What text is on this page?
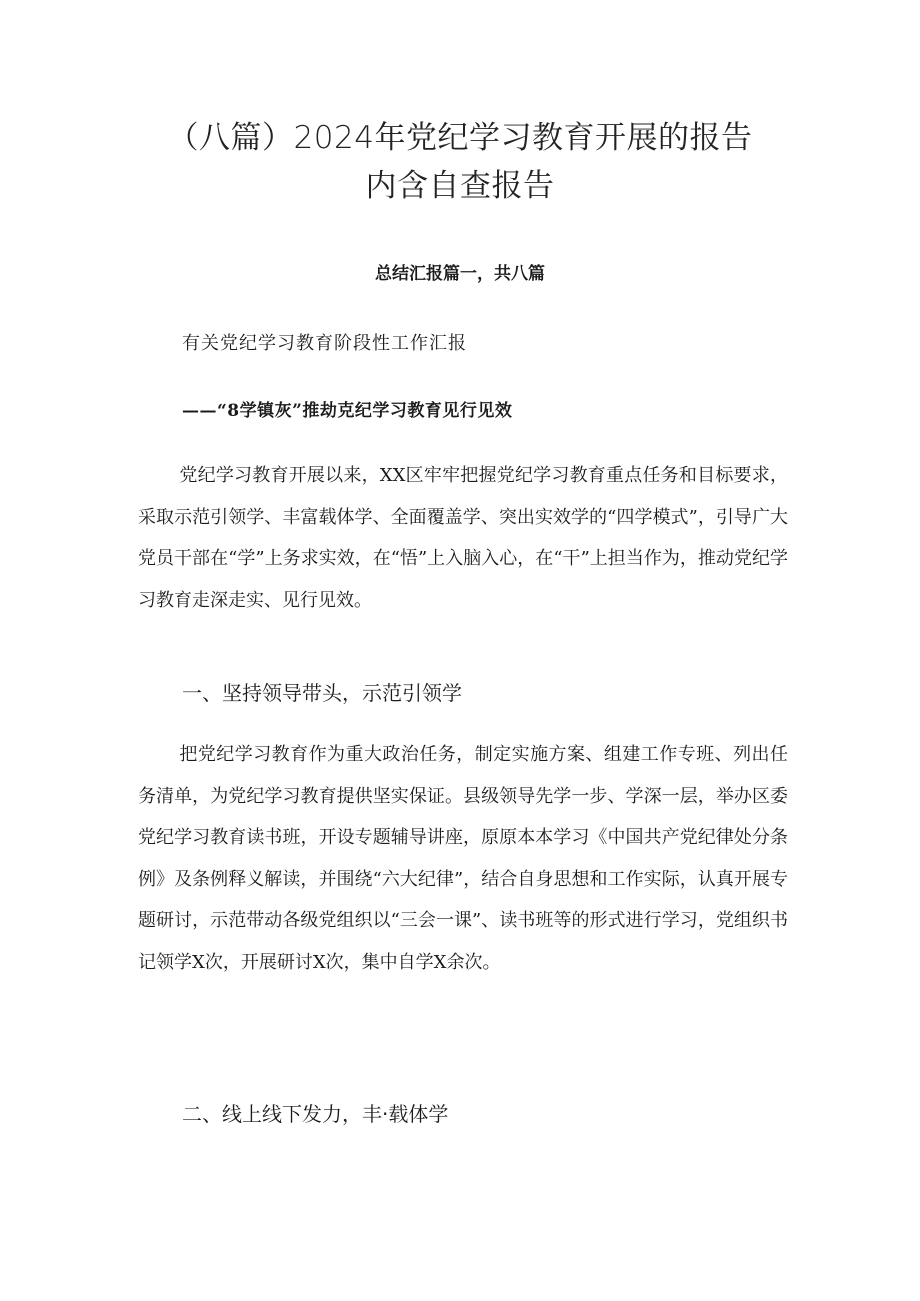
（八篇）2024年党纪学习教育开展的报告
内含自查报告

总结汇报篇一，共八篇

有关党纪学习教育阶段性工作汇报

——“8学镇灰”推劫克纪学习教育见行见效

党纪学习教育开展以来，XX区牢牢把握党纪学习教育重点任务和目标要求，采取示范引领学、丰富载体学、全面覆盖学、突出实效学的“四学模式”，引导广大党员干部在“学”上务求实效，在“悟”上入脑入心，在“干”上担当作为，推动党纪学习教育走深走实、见行见效。

一、坚持领导带头，示范引领学

把党纪学习教育作为重大政治任务，制定实施方案、组建工作专班、列出任务清单，为党纪学习教育提供坚实保证。县级领导先学一步、学深一层，举办区委党纪学习教育读书班，开设专题辅导讲座，原原本本学习《中国共产党纪律处分条例》及条例释义解读，并围绕“六大纪律”，结合自身思想和工作实际，认真开展专题研讨，示范带动各级党组织以“三会一课”、读书班等的形式进行学习，党组织书记领学X次，开展研讨X次，集中自学X余次。

二、线上线下发力，丰·载体学
